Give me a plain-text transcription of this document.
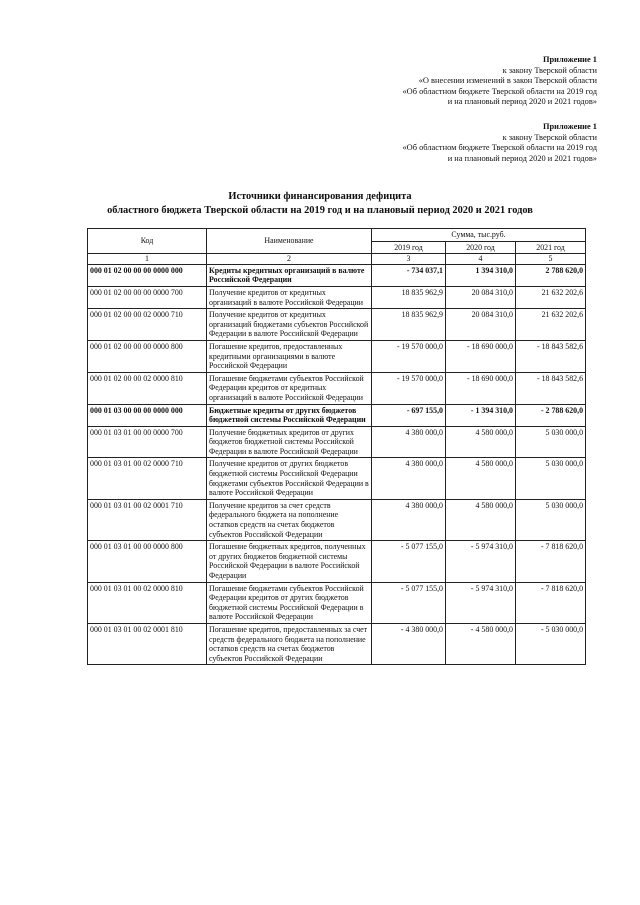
Приложение 1
к закону Тверской области
«О внесении изменений в закон Тверской области
«Об областном бюджете Тверской области на 2019 год
и на плановый период 2020 и 2021 годов»
Приложение 1
к закону Тверской области
«Об областном бюджете Тверской области на 2019 год
и на плановый период 2020 и 2021 годов»
Источники финансирования дефицита
областного бюджета Тверской области на 2019 год и на плановый период 2020 и 2021 годов
Код	Наименование	Сумма, тыс.руб.		
		2019 год	2020 год	2021 год
1	2	3	4	5
000 01 02 00 00 00 0000 000	Кредиты кредитных организаций в валюте Российской Федерации	- 734 037,1	1 394 310,0	2 788 620,0
000 01 02 00 00 00 0000 700	Получение кредитов от кредитных организаций в валюте Российской Федерации	18 835 962,9	20 084 310,0	21 632 202,6
000 01 02 00 00 02 0000 710	Получение кредитов от кредитных организаций бюджетами субъектов Российской Федерации в валюте Российской Федерации	18 835 962,9	20 084 310,0	21 632 202,6
000 01 02 00 00 00 0000 800	Погашение кредитов, предоставленных кредитными организациями в валюте Российской Федерации	- 19 570 000,0	- 18 690 000,0	- 18 843 582,6
000 01 02 00 00 02 0000 810	Погашение бюджетами субъектов Российской Федерации кредитов от кредитных организаций в валюте Российской Федерации	- 19 570 000,0	- 18 690 000,0	- 18 843 582,6
000 01 03 00 00 00 0000 000	Бюджетные кредиты от других бюджетов бюджетной системы Российской Федерации	- 697 155,0	- 1 394 310,0	- 2 788 620,0
000 01 03 01 00 00 0000 700	Получение бюджетных кредитов от других бюджетов бюджетной системы Российской Федерации в валюте Российской Федерации	4 380 000,0	4 580 000,0	5 030 000,0
000 01 03 01 00 02 0000 710	Получение кредитов от других бюджетов бюджетной системы Российской Федерации бюджетами субъектов Российской Федерации в валюте Российской Федерации	4 380 000,0	4 580 000,0	5 030 000,0
000 01 03 01 00 02 0001 710	Получение кредитов за счет средств федерального бюджета на пополнение остатков средств на счетах бюджетов субъектов Российской Федерации	4 380 000,0	4 580 000,0	5 030 000,0
000 01 03 01 00 00 0000 800	Погашение бюджетных кредитов, полученных от других бюджетов бюджетной системы Российской Федерации в валюте Российской Федерации	- 5 077 155,0	- 5 974 310,0	- 7 818 620,0
000 01 03 01 00 02 0000 810	Погашение бюджетами субъектов Российской Федерации кредитов от других бюджетов бюджетной системы Российской Федерации в валюте Российской Федерации	- 5 077 155,0	- 5 974 310,0	- 7 818 620,0
000 01 03 01 00 02 0001 810	Погашение кредитов, предоставленных за счет средств федерального бюджета на пополнение остатков средств на счетах бюджетов субъектов Российской Федерации	- 4 380 000,0	- 4 580 000,0	- 5 030 000,0
